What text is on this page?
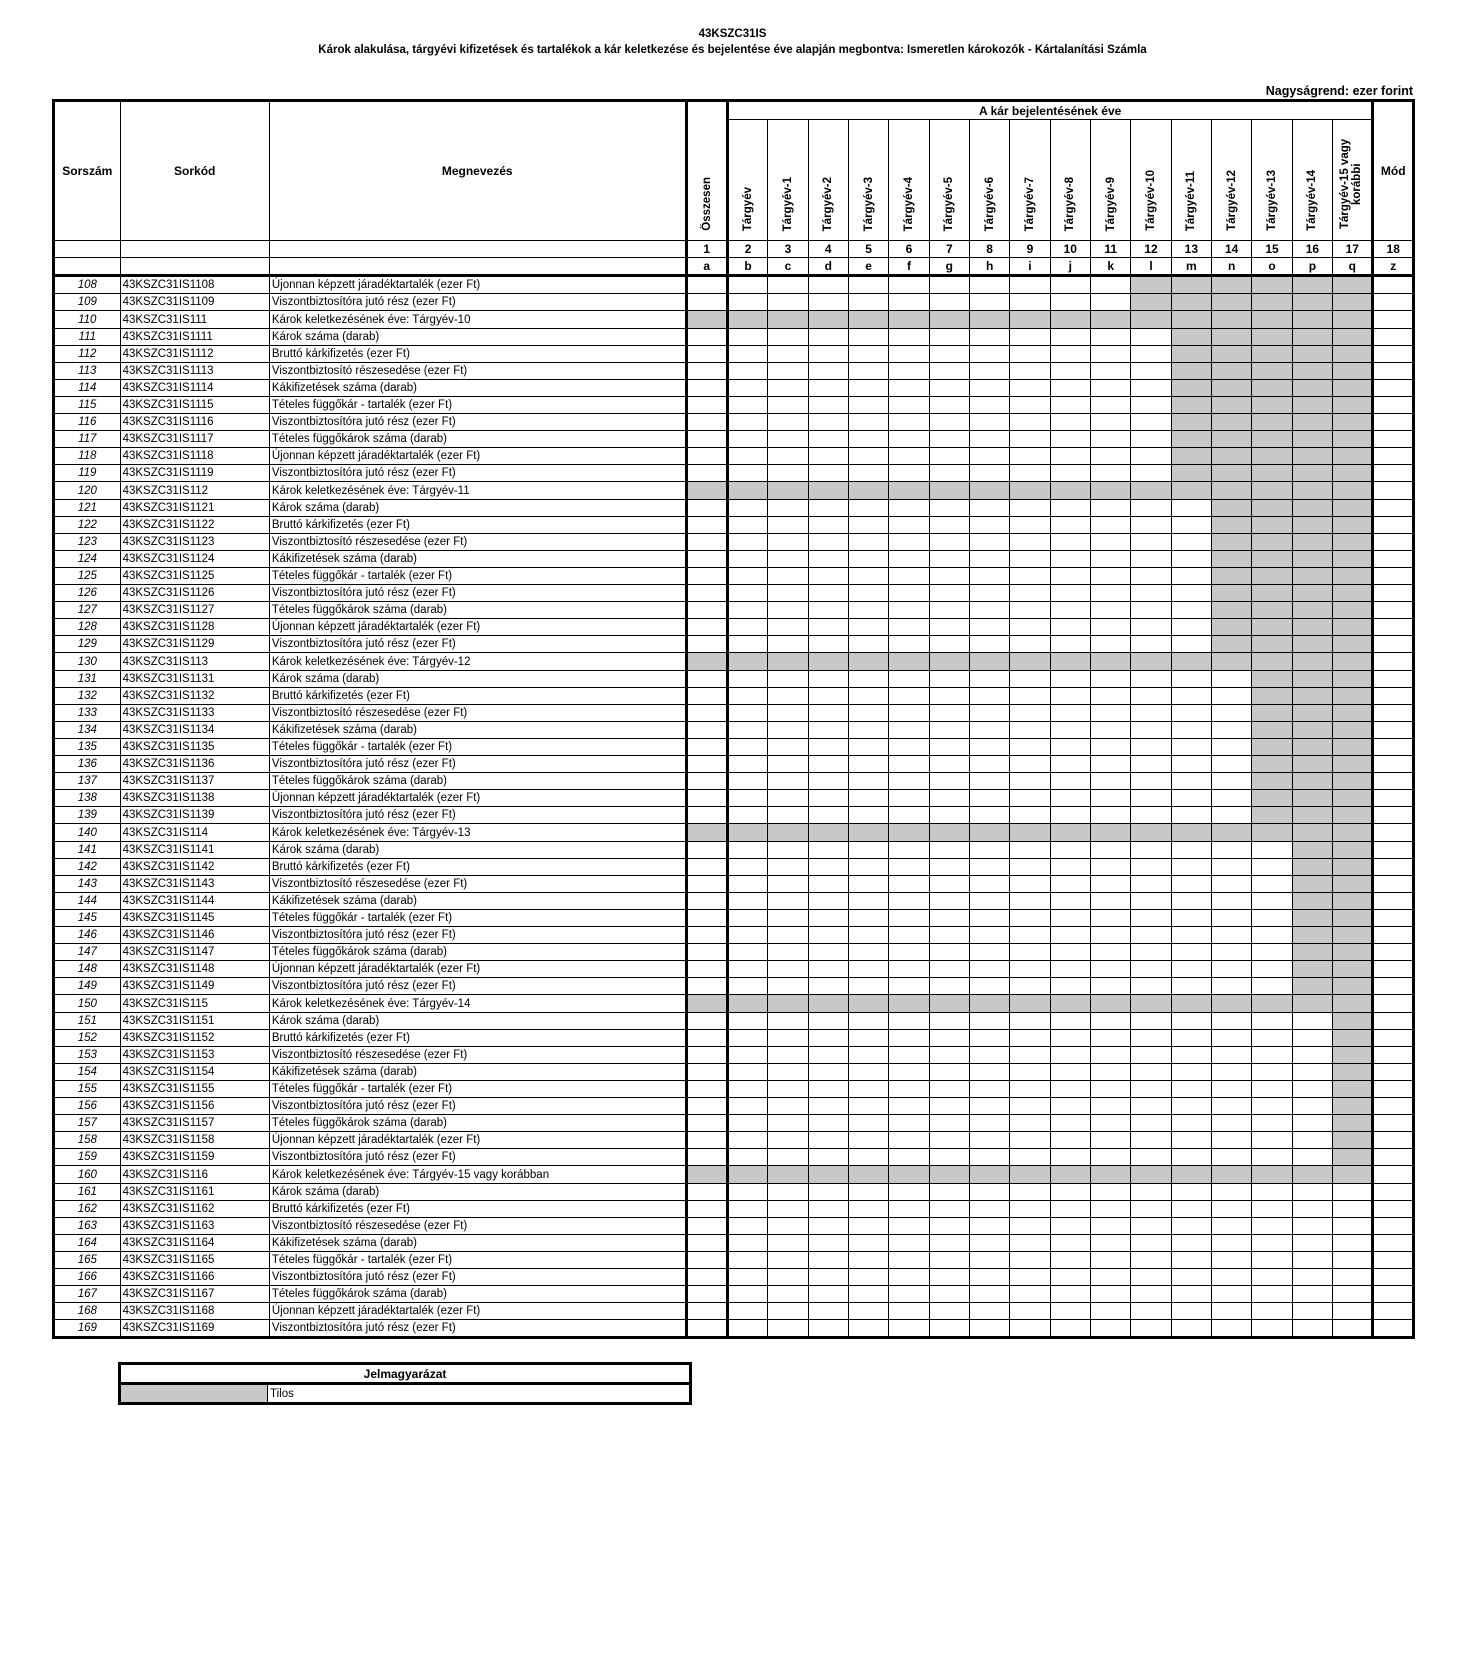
43KSZC31IS
Károk alakulása, tárgyévi kifizetések és tartalékok a kár keletkezése és bejelentése éve alapján megbontva: Ismeretlen károkozók - Kártalanítási Számla
Nagyságrend: ezer forint
Sorszám	Sorkód	Megnevezés	Összesen	A kár bejelentésének éve																Mód
				Tárgyév	Tárgyév-1	Tárgyév-2	Tárgyév-3	Tárgyév-4	Tárgyév-5	Tárgyév-6	Tárgyév-7	Tárgyév-8	Tárgyév-9	Tárgyév-10	Tárgyév-11	Tárgyév-12	Tárgyév-13	Tárgyév-14	Tárgyév-15 vagy korábbi	
			1	2	3	4	5	6	7	8	9	10	11	12	13	14	15	16	17	18
			a	b	c	d	e	f	g	h	i	j	k	l	m	n	o	p	q	z
108	43KSZC31IS1108	Újonnan képzett járadéktartalék (ezer Ft)																		
109	43KSZC31IS1109	Viszontbiztosítóra jutó rész (ezer Ft)																		
110	43KSZC31IS111	Károk keletkezésének éve: Tárgyév-10																		
111	43KSZC31IS1111	Károk száma (darab)																		
112	43KSZC31IS1112	Bruttó kárkifizetés (ezer Ft)																		
113	43KSZC31IS1113	Viszontbiztosító részesedése (ezer Ft)																		
114	43KSZC31IS1114	Kákifizetések száma (darab)																		
115	43KSZC31IS1115	Tételes függőkár - tartalék (ezer Ft)																		
116	43KSZC31IS1116	Viszontbiztosítóra jutó rész (ezer Ft)																		
117	43KSZC31IS1117	Tételes függőkárok száma (darab)																		
118	43KSZC31IS1118	Újonnan képzett járadéktartalék (ezer Ft)																		
119	43KSZC31IS1119	Viszontbiztosítóra jutó rész (ezer Ft)																		
120	43KSZC31IS112	Károk keletkezésének éve: Tárgyév-11																		
121	43KSZC31IS1121	Károk száma (darab)																		
122	43KSZC31IS1122	Bruttó kárkifizetés (ezer Ft)																		
123	43KSZC31IS1123	Viszontbiztosító részesedése (ezer Ft)																		
124	43KSZC31IS1124	Kákifizetések száma (darab)																		
125	43KSZC31IS1125	Tételes függőkár - tartalék (ezer Ft)																		
126	43KSZC31IS1126	Viszontbiztosítóra jutó rész (ezer Ft)																		
127	43KSZC31IS1127	Tételes függőkárok száma (darab)																		
128	43KSZC31IS1128	Újonnan képzett járadéktartalék (ezer Ft)																		
129	43KSZC31IS1129	Viszontbiztosítóra jutó rész (ezer Ft)																		
130	43KSZC31IS113	Károk keletkezésének éve: Tárgyév-12																		
131	43KSZC31IS1131	Károk száma (darab)																		
132	43KSZC31IS1132	Bruttó kárkifizetés (ezer Ft)																		
133	43KSZC31IS1133	Viszontbiztosító részesedése (ezer Ft)																		
134	43KSZC31IS1134	Kákifizetések száma (darab)																		
135	43KSZC31IS1135	Tételes függőkár - tartalék (ezer Ft)																		
136	43KSZC31IS1136	Viszontbiztosítóra jutó rész (ezer Ft)																		
137	43KSZC31IS1137	Tételes függőkárok száma (darab)																		
138	43KSZC31IS1138	Újonnan képzett járadéktartalék (ezer Ft)																		
139	43KSZC31IS1139	Viszontbiztosítóra jutó rész (ezer Ft)																		
140	43KSZC31IS114	Károk keletkezésének éve: Tárgyév-13																		
141	43KSZC31IS1141	Károk száma (darab)																		
142	43KSZC31IS1142	Bruttó kárkifizetés (ezer Ft)																		
143	43KSZC31IS1143	Viszontbiztosító részesedése (ezer Ft)																		
144	43KSZC31IS1144	Kákifizetések száma (darab)																		
145	43KSZC31IS1145	Tételes függőkár - tartalék (ezer Ft)																		
146	43KSZC31IS1146	Viszontbiztosítóra jutó rész (ezer Ft)																		
147	43KSZC31IS1147	Tételes függőkárok száma (darab)																		
148	43KSZC31IS1148	Újonnan képzett járadéktartalék (ezer Ft)																		
149	43KSZC31IS1149	Viszontbiztosítóra jutó rész (ezer Ft)																		
150	43KSZC31IS115	Károk keletkezésének éve: Tárgyév-14																		
151	43KSZC31IS1151	Károk száma (darab)																		
152	43KSZC31IS1152	Bruttó kárkifizetés (ezer Ft)																		
153	43KSZC31IS1153	Viszontbiztosító részesedése (ezer Ft)																		
154	43KSZC31IS1154	Kákifizetések száma (darab)																		
155	43KSZC31IS1155	Tételes függőkár - tartalék (ezer Ft)																		
156	43KSZC31IS1156	Viszontbiztosítóra jutó rész (ezer Ft)																		
157	43KSZC31IS1157	Tételes függőkárok száma (darab)																		
158	43KSZC31IS1158	Újonnan képzett járadéktartalék (ezer Ft)																		
159	43KSZC31IS1159	Viszontbiztosítóra jutó rész (ezer Ft)																		
160	43KSZC31IS116	Károk keletkezésének éve: Tárgyév-15 vagy korábban																		
161	43KSZC31IS1161	Károk száma (darab)																		
162	43KSZC31IS1162	Bruttó kárkifizetés (ezer Ft)																		
163	43KSZC31IS1163	Viszontbiztosító részesedése (ezer Ft)																		
164	43KSZC31IS1164	Kákifizetések száma (darab)																		
165	43KSZC31IS1165	Tételes függőkár - tartalék (ezer Ft)																		
166	43KSZC31IS1166	Viszontbiztosítóra jutó rész (ezer Ft)																		
167	43KSZC31IS1167	Tételes függőkárok száma (darab)																		
168	43KSZC31IS1168	Újonnan képzett járadéktartalék (ezer Ft)																		
169	43KSZC31IS1169	Viszontbiztosítóra jutó rész (ezer Ft)																		
Jelmagyarázat
	Tilos
